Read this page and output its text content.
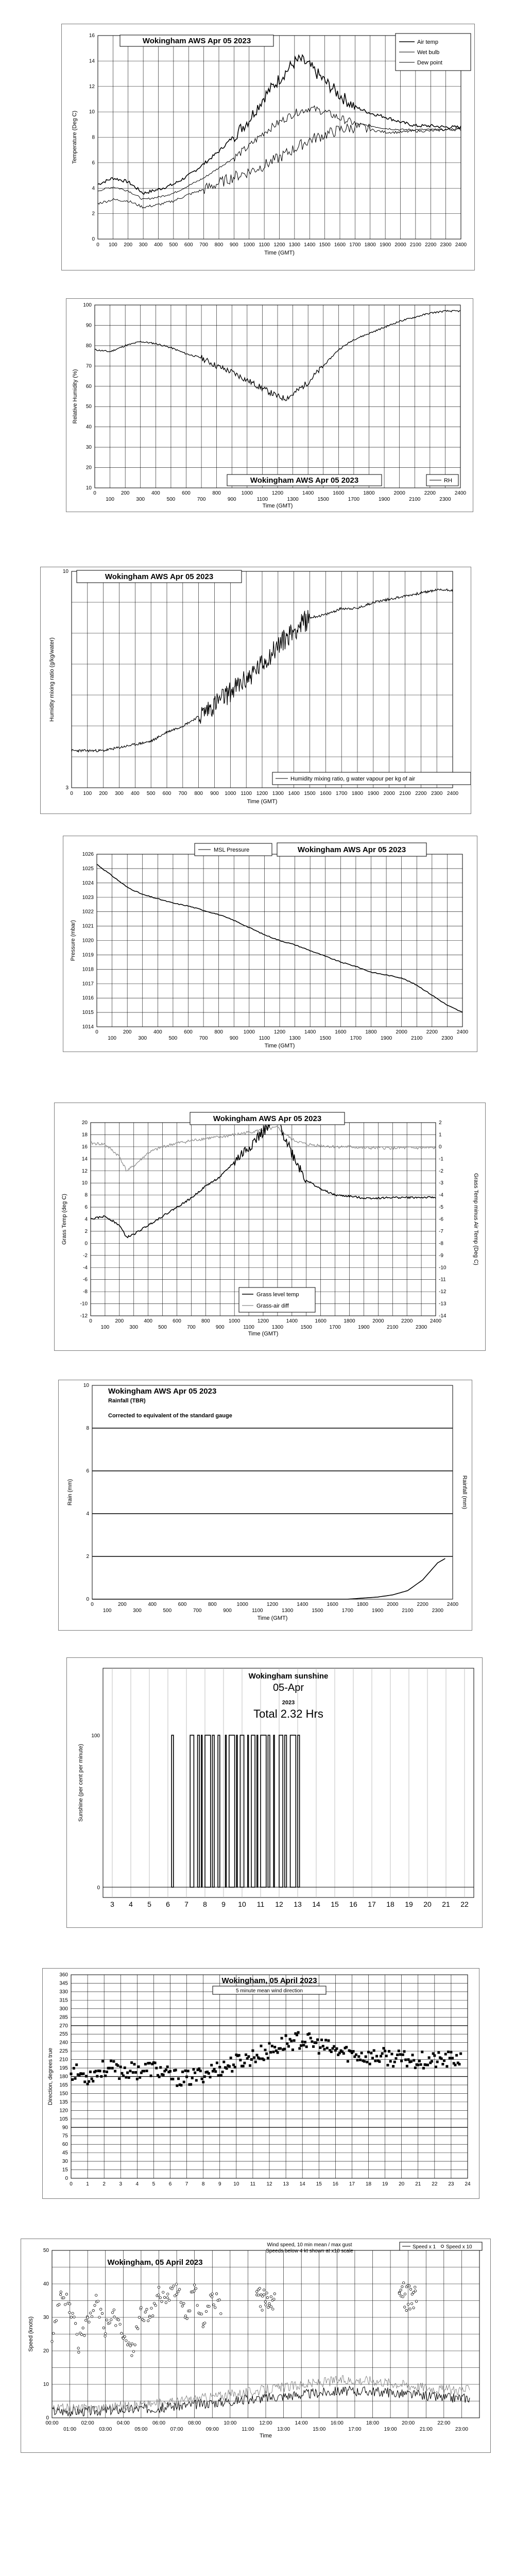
0
2
4
6
8
10
12
14
16
0 100 200 300 400 500 600 700 800 900 1000 1100 1200 1300 1400 1500 1600 1700 1800 1900 2000 2100 2200 2300 2400
Time (GMT)
Temperature (Deg C)
Wokingham AWS Apr 05 2023	Air temp
Wet bulb
Dew point
10
20
30
40
50
60
70
80
90
100
0	200	400	600	800	1000	1200	1400	1600	1800	2000	2200	2400
100	300	500	700	900	1100	1300	1500	1700	1900	2100	2300
Time (GMT)
Relative Humidity (%)
Wokingham AWS Apr 05 2023	RH
3
10
0 100 200 300 400 500 600 700 800 900 1000 1100 1200 1300 1400 1500 1600 1700 1800 1900 2000 2100 2200 2300 2400
Time (GMT)
Humidity mixing ratio (g/kg/water)
Wokingham AWS Apr 05 2023
Humidity mixing ratio, g water vapour per kg of air
1014
1015
1016
1017
1018
1019
1020
1021
1022
1023
1024
1025
1026
0	200	400	600	800	1000	1200	1400	1600	1800	2000	2200	2400
100	300	500	700	900	1100	1300	1500	1700	1900	2100	2300
Time (GMT)
Pressure (mbar)
MSL Pressure	Wokingham AWS Apr 05 2023
-12
-10
-8
-6
-4
-2
0
2
4
6
8
10
12
14
16
18
20
-14
-13
-12
-11
-10
-9
-8
-7
-6
-5
-4
-3
-2
-1
0
1
2
0	200	400	600	800	1000	1200	1400	1600	1800	2000	2200	2400
100	300	500	700	900	1100	1300	1500	1700	1900	2100	2300
Time (GMT)
Grass Temp (deg C)	Grass Temp minus Air Temp (Deg C)
Wokingham AWS Apr 05 2023
Grass level temp
Grass-air diff
0
2
4
6
8
10
0	200	400	600	800	1000	1200	1400	1600	1800	2000	2200	2400
100	300	500	700	900	1100	1300	1500	1700	1900	2100	2300
Time (GMT)
Rain (mm)	Rainfall (mm)
Wokingham AWS Apr 05 2023
Rainfall (TBR)
Corrected to equivalent of the standard gauge
0
100
Sunshine (per cent per minute)
3 4 5 6 7 8 9 10 11 12 13 14 15 16 17 18 19 20 21 22
Wokingham sunshine
05-Apr
2023
Total 2.32 Hrs
0
15
30
45
60
75
90
105
120
135
150
165
180
195
210
225
240
255
270
285
300
315
330
345
360
0	1	2	3	4	5	6	7	8	9 10 11 12 13 14 15 16 17 18 19 20 21 22 23 24
Direction, degrees true
Wokingham, 05 April 2023
5 minute mean wind direction
0
10
20
30
40
50
00:00	02:00	04:00	06:00	08:00	10:00	12:00	14:00	16:00	18:00	20:00	22:00
01:00	03:00	05:00	07:00	09:00	11:00	13:00	15:00	17:00	19:00	21:00	23:00
Time
Speed (knots)
Wokingham, 05 April 2023
Wind speed, 10 min mean / max gust
Speeds below 4 kt shown at x10 scale
Speed x 1 Speed x 10
